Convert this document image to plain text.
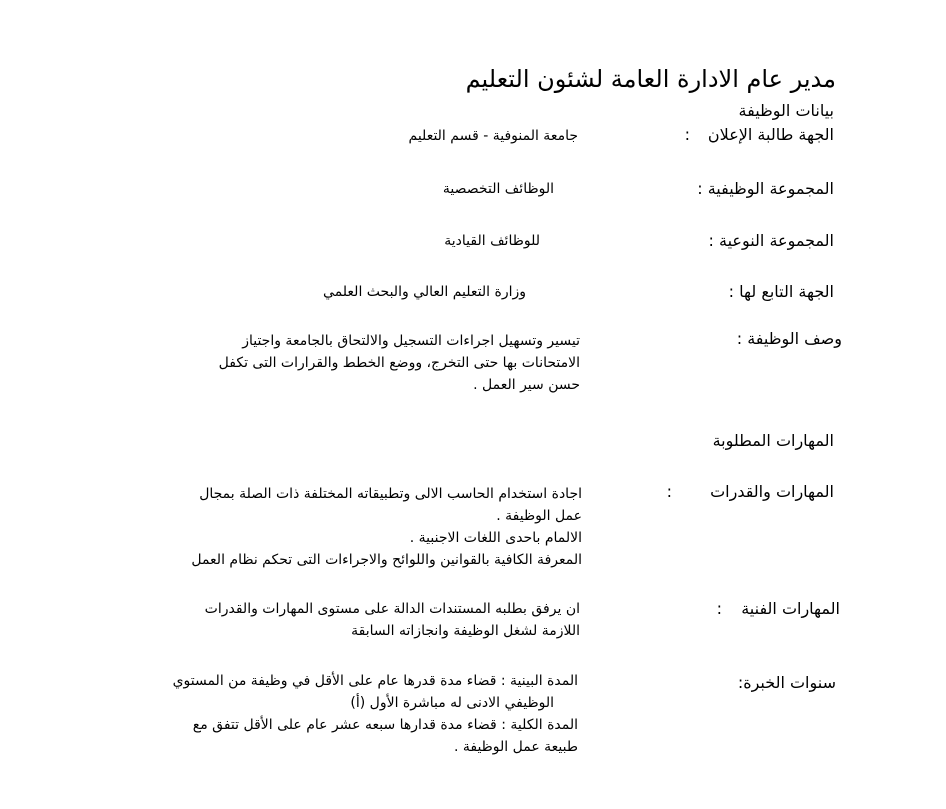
مدير عام الادارة العامة لشئون التعليم
بيانات الوظيفة
الجهة طالبة الإعلان
:
جامعة المنوفية - قسم التعليم
المجموعة الوظيفية :
الوظائف التخصصية
المجموعة النوعية :
للوظائف القيادية
الجهة التابع لها :
وزارة التعليم العالي والبحث العلمي
وصف الوظيفة :
تيسير وتسهيل اجراءات التسجيل والالتحاق بالجامعة واجتياز
الامتحانات بها حتى التخرج، ووضع الخطط والقرارات التى تكفل
حسن سير العمل .
المهارات المطلوبة
المهارات والقدرات
:
اجادة استخدام الحاسب الالى وتطبيقاته المختلفة ذات الصلة بمجال
عمل الوظيفة .
الالمام باحدى اللغات الاجنبية .
المعرفة الكافية بالقوانين واللوائح والاجراءات التى تحكم نظام العمل
المهارات الفنية
:
ان يرفق بطلبه المستندات الدالة على مستوى المهارات والقدرات
اللازمة لشغل الوظيفة وانجازاته السابقة
سنوات الخبرة:
المدة البينية : قضاء مدة قدرها عام على الأقل في وظيفة من المستوي
الوظيفي الادنى له مباشرة الأول (أ)
المدة الكلية : قضاء مدة قدارها سبعه عشر عام على الأقل تتفق مع
طبيعة عمل الوظيفة .
